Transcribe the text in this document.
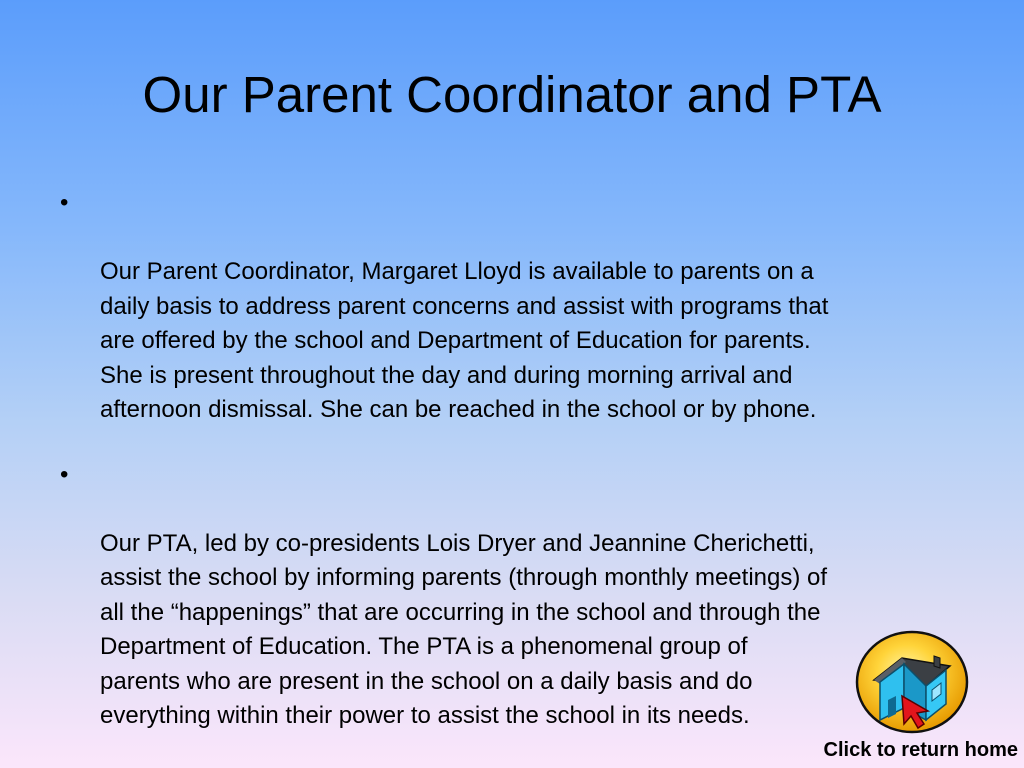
Our Parent Coordinator and PTA

•

Our Parent Coordinator, Margaret Lloyd is available to parents on a
daily basis to address parent concerns and assist with programs that
are offered by the school and Department of Education for parents.
She is present throughout the day and during morning arrival and
afternoon dismissal. She can be reached in the school or by phone.

•

Our PTA, led by co-presidents Lois Dryer and Jeannine Cherichetti,
assist the school by informing parents (through monthly meetings) of
all the “happenings” that are occurring in the school and through the
Department of Education. The PTA is a phenomenal group of
parents who are present in the school on a daily basis and do
everything within their power to assist the school in its needs.

Click to return home
